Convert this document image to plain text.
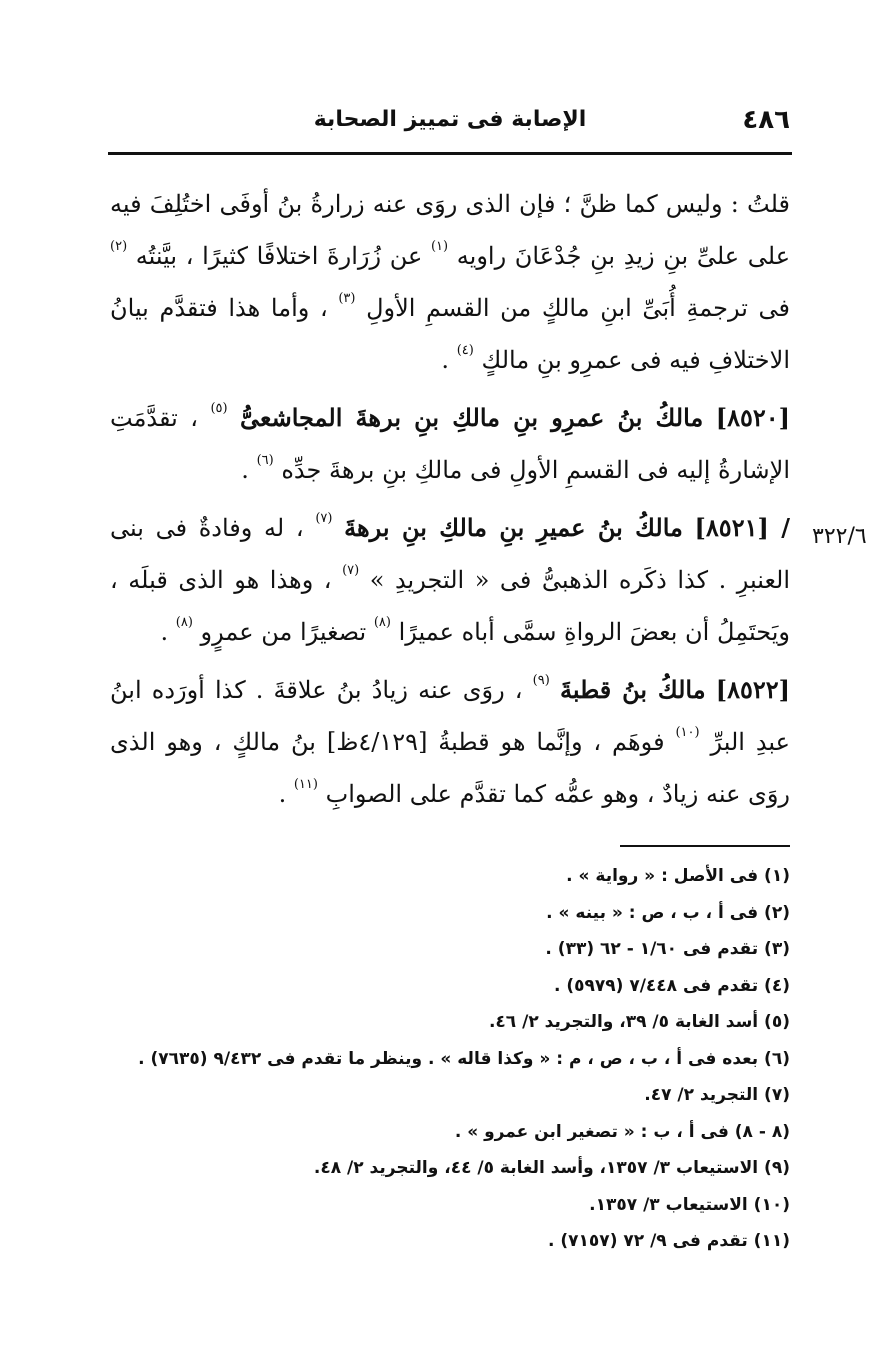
٤٨٦
الإصابة فى تمييز الصحابة
٣٢٢/٦

قلتُ : وليس كما ظنَّ ؛ فإن الذى روَى عنه زرارةُ بنُ أوفَى اختُلِفَ فيه على علىِّ بنِ زيدِ بنِ جُدْعَانَ راويه $^{(١)}$ عن زُرَارةَ اختلافًا كثيرًا ، بيَّنتُه $^{(٢)}$ فى ترجمةِ أُبَىِّ ابنِ مالكٍ من القسمِ الأولِ $^{(٣)}$ ، وأما هذا فتقدَّم بيانُ الاختلافِ فيه فى عمرِو بنِ مالكٍ $^{(٤)}$ .

[٨٥٢٠] مالكُ بنُ عمرِو بنِ مالكِ بنِ برهةَ المجاشعىُّ $^{(٥)}$ ، تقدَّمَتِ الإشارةُ إليه فى القسمِ الأولِ فى مالكِ بنِ برهةَ جدِّه $^{(٦)}$ .

/ [٨٥٢١] مالكُ بنُ عميرِ بنِ مالكِ بنِ برهةَ $^{(٧)}$ ، له وفادةٌ فى بنى العنبرِ . كذا ذكَره الذهبىُّ فى « التجريدِ » $^{(٧)}$ ، وهذا هو الذى قبلَه ، ويَحتَمِلُ أن بعضَ الرواةِ سمَّى أباه عميرًا $^{(٨)}$ تصغيرًا من عمرٍو $^{(٨)}$ .

[٨٥٢٢] مالكُ بنُ قطبةَ $^{(٩)}$ ، روَى عنه زيادُ بنُ علاقةَ . كذا أورَده ابنُ عبدِ البرِّ $^{(١٠)}$ فوهَم ، وإنَّما هو قطبةُ [٤/١٢٩ظ] بنُ مالكٍ ، وهو الذى روَى عنه زيادٌ ، وهو عمُّه كما تقدَّم على الصوابِ $^{(١١)}$ .

(١) فى الأصل : « رواية » .
(٢) فى أ ، ب ، ص : « بينه » .
(٣) تقدم فى ١/٦٠ - ٦٢ (٣٣) .
(٤) تقدم فى ٧/٤٤٨ (٥٩٧٩) .
(٥) أسد الغابة ٥/ ٣٩، والتجريد ٢/ ٤٦.
(٦) بعده فى أ ، ب ، ص ، م : « وكذا قاله » . وينظر ما تقدم فى ٩/٤٣٢ (٧٦٣٥) .
(٧) التجريد ٢/ ٤٧.
(٨ - ٨) فى أ ، ب : « تصغير ابن عمرو » .
(٩) الاستيعاب ٣/ ١٣٥٧، وأسد الغابة ٥/ ٤٤، والتجريد ٢/ ٤٨.
(١٠) الاستيعاب ٣/ ١٣٥٧.
(١١) تقدم فى ٩/ ٧٢ (٧١٥٧) .
